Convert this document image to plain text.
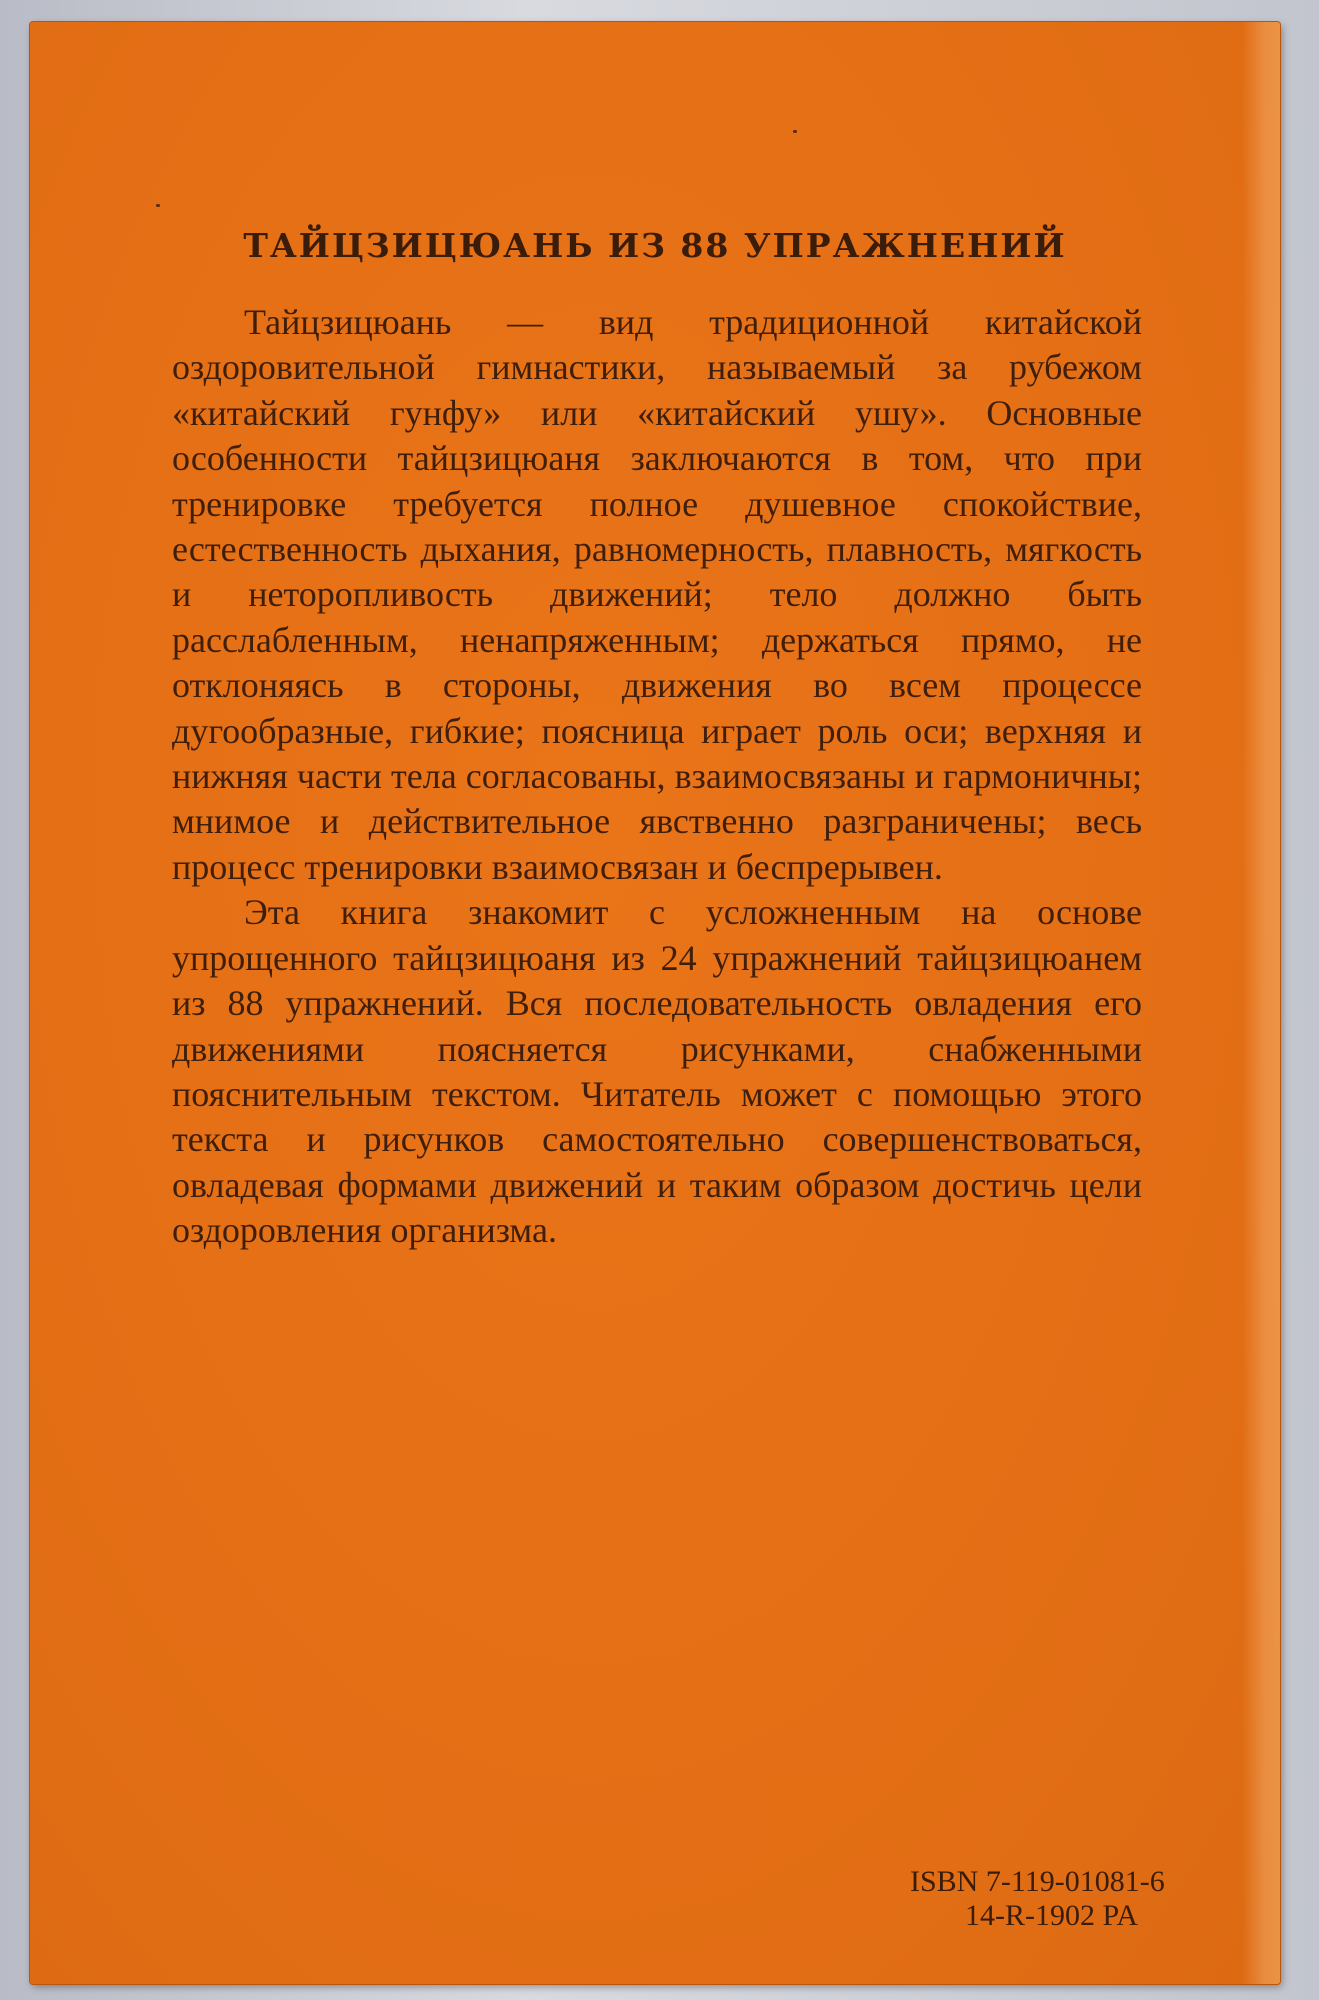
ТАЙЦЗИЦЮАНЬ ИЗ 88 УПРАЖНЕНИЙ

Тайцзицюань — вид традиционной китайской оздоровительной гимнастики, называемый за рубежом «китайский гунфу» или «китайский ушу». Основные особенности тайцзицюаня заключаются в том, что при тренировке требуется полное душевное спокойствие, естественность дыхания, равномерность, плавность, мягкость и неторопливость движений; тело должно быть расслабленным, ненапряженным; держаться прямо, не отклоняясь в стороны, движения во всем процессе дугообразные, гибкие; поясница играет роль оси; верхняя и нижняя части тела согласованы, взаимосвязаны и гармоничны; мнимое и действительное явственно разграничены; весь процесс тренировки взаимосвязан и беспрерывен.

Эта книга знакомит с усложненным на основе упрощенного тайцзицюаня из 24 упражнений тайцзицюанем из 88 упражнений. Вся последовательность овладения его движениями поясняется рисунками, снабженными пояснительным текстом. Читатель может с помощью этого текста и рисунков самостоятельно совершенствоваться, овладевая формами движений и таким образом достичь цели оздоровления организма.

ISBN 7-119-01081-6
14-R-1902 PA
